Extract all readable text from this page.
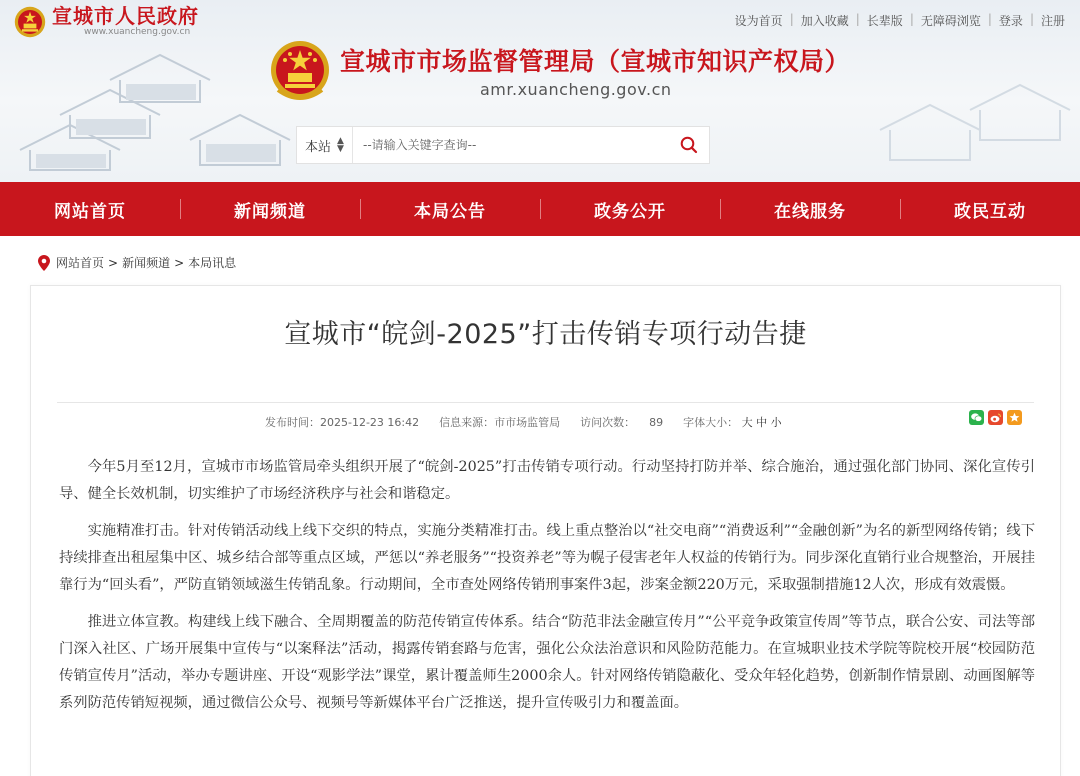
宣城市人民政府
www.xuancheng.gov.cn
设为首页 | 加入收藏 | 长辈版 | 无障碍浏览 | 登录 | 注册
宣城市市场监督管理局（宣城市知识产权局）
amr.xuancheng.gov.cn
本站 ▲
▼
--请输入关键字查询--
网站首页	新闻频道	本局公告	政务公开	在线服务	政民互动
网站首页 > 新闻频道 > 本局讯息
宣城市“皖剑-2025”打击传销专项行动告捷
发布时间：2025-12-23 16:42 信息来源：市市场监管局 访问次数： 89 字体大小： 大 中 小

今年5月至12月，宣城市市场监管局牵头组织开展了“皖剑-2025”打击传销专项行动。行动坚持打防并举、综合施治，通过强化部门协同、深化宣传引导、健全长效机制，切实维护了市场经济秩序与社会和谐稳定。

实施精准打击。针对传销活动线上线下交织的特点，实施分类精准打击。线上重点整治以“社交电商”“消费返利”“金融创新”为名的新型网络传销；线下持续排查出租屋集中区、城乡结合部等重点区域，严惩以“养老服务”“投资养老”等为幌子侵害老年人权益的传销行为。同步深化直销行业合规整治，开展挂靠行为“回头看”，严防直销领域滋生传销乱象。行动期间，全市查处网络传销刑事案件3起，涉案金额220万元，采取强制措施12人次，形成有效震慑。

推进立体宣教。构建线上线下融合、全周期覆盖的防范传销宣传体系。结合“防范非法金融宣传月”“公平竞争政策宣传周”等节点，联合公安、司法等部门深入社区、广场开展集中宣传与“以案释法”活动，揭露传销套路与危害，强化公众法治意识和风险防范能力。在宣城职业技术学院等院校开展“校园防范传销宣传月”活动，举办专题讲座、开设“观影学法”课堂，累计覆盖师生2000余人。针对网络传销隐蔽化、受众年轻化趋势，创新制作情景剧、动画图解等系列防范传销短视频，通过微信公众号、视频号等新媒体平台广泛推送，提升宣传吸引力和覆盖面。
